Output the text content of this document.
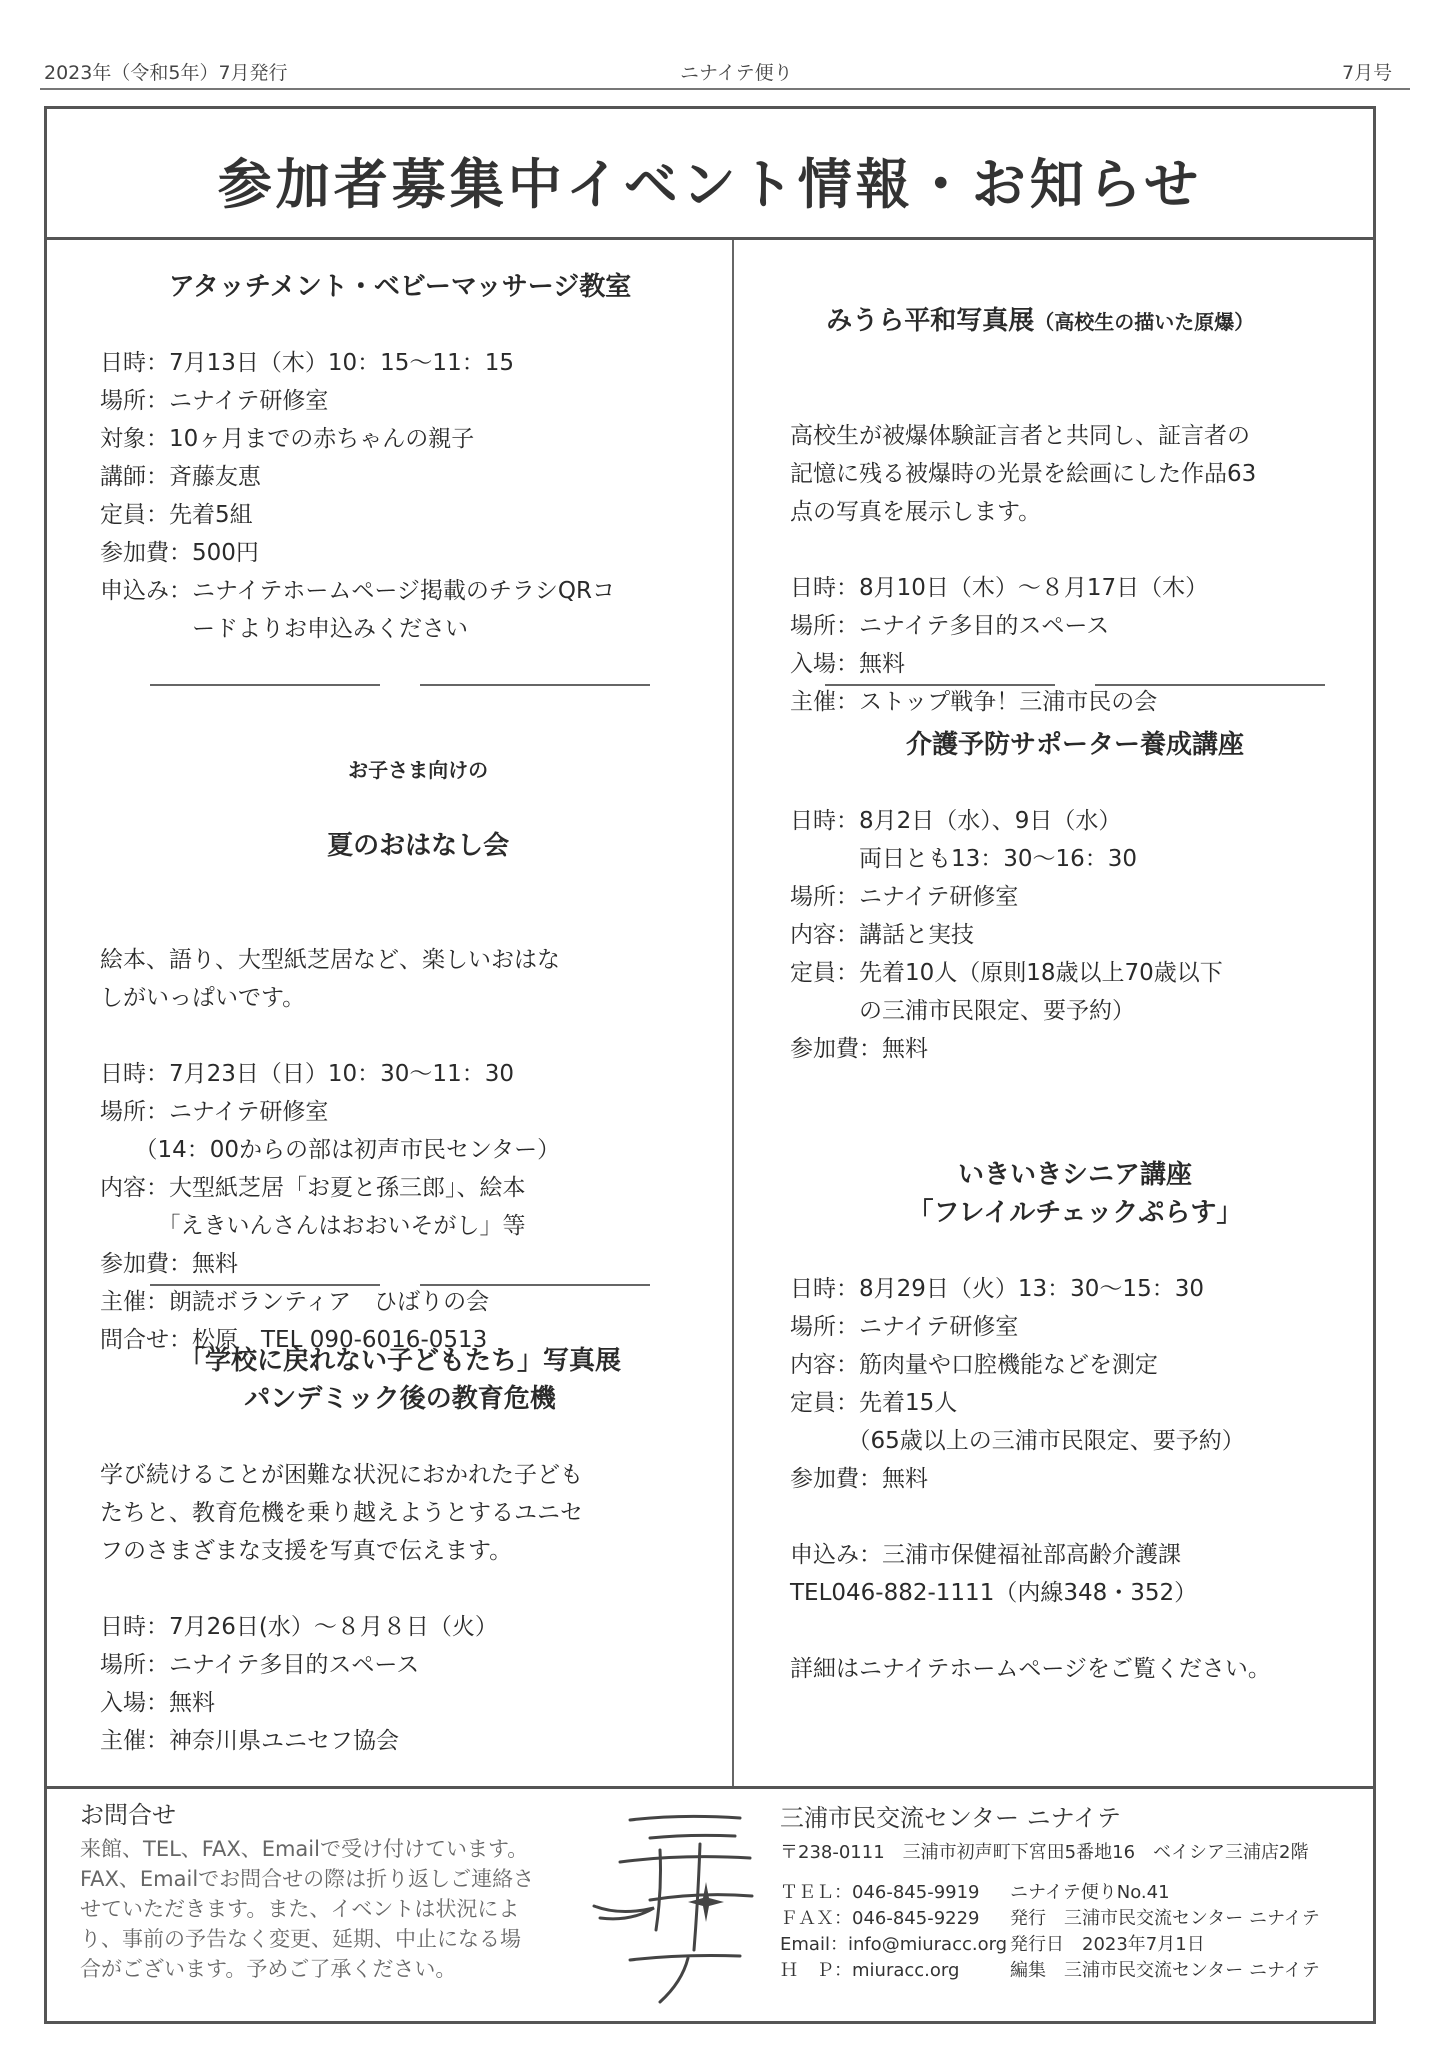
2023年（令和5年）7月発行	ニナイテ便り	7月号
参加者募集中イベント情報・お知らせ

アタッチメント・ベビーマッサージ教室

日時：7月13日（木）10：15〜11：15

場所：ニナイテ研修室

対象：10ヶ月までの赤ちゃんの親子

講師：斉藤友恵

定員：先着5組

参加費：500円

申込み：ニナイテホームページ掲載のチラシQRコ

　　　　ードよりお申込みください

お子さま向けの

夏のおはなし会

絵本、語り、大型紙芝居など、楽しいおはな

しがいっぱいです。

日時：7月23日（日）10：30〜11：30

場所：ニナイテ研修室

　　（14：00からの部は初声市民センター）

内容：大型紙芝居「お夏と孫三郎」、絵本

　　　「えきいんさんはおおいそがし」等

参加費：無料

主催：朗読ボランティア　ひばりの会

問合せ：松原　TEL 090-6016-0513

「学校に戻れない子どもたち」写真展

パンデミック後の教育危機

学び続けることが困難な状況におかれた子ども

たちと、教育危機を乗り越えようとするユニセ

フのさまざまな支援を写真で伝えます。

日時：7月26日(水）〜８月８日（火）

場所：ニナイテ多目的スペース

入場：無料

主催：神奈川県ユニセフ協会

みうら平和写真展（高校生の描いた原爆）

高校生が被爆体験証言者と共同し、証言者の

記憶に残る被爆時の光景を絵画にした作品63

点の写真を展示します。

日時：8月10日（木）〜８月17日（木）

場所：ニナイテ多目的スペース

入場：無料

主催：ストップ戦争！三浦市民の会

介護予防サポーター養成講座

日時：8月2日（水）、9日（水）

　　　両日とも13：30〜16：30

場所：ニナイテ研修室

内容：講話と実技

定員：先着10人（原則18歳以上70歳以下

　　　の三浦市民限定、要予約）

参加費：無料

いきいきシニア講座

「フレイルチェックぷらす」

日時：8月29日（火）13：30〜15：30

場所：ニナイテ研修室

内容：筋肉量や口腔機能などを測定

定員：先着15人

　　　（65歳以上の三浦市民限定、要予約）

参加費：無料

申込み：三浦市保健福祉部高齢介護課

TEL046-882-1111（内線348・352）

詳細はニナイテホームページをご覧ください。

お問合せ
来館、TEL、FAX、Emailで受け付けています。
FAX、Emailでお問合せの際は折り返しご連絡さ
せていただきます。また、イベントは状況によ
り、事前の予告なく変更、延期、中止になる場
合がございます。予めご了承ください。
三浦市民交流センター ニナイテ
〒238-0111　三浦市初声町下宮田5番地16　ベイシア三浦店2階
ＴＥＬ：046-845-9919	ニナイテ便りNo.41
ＦＡＸ：046-845-9229	発行　三浦市民交流センター ニナイテ
Email：info@miuracc.org 発行日　2023年7月1日
Ｈ　Ｐ：miuracc.org	編集　三浦市民交流センター ニナイテ
